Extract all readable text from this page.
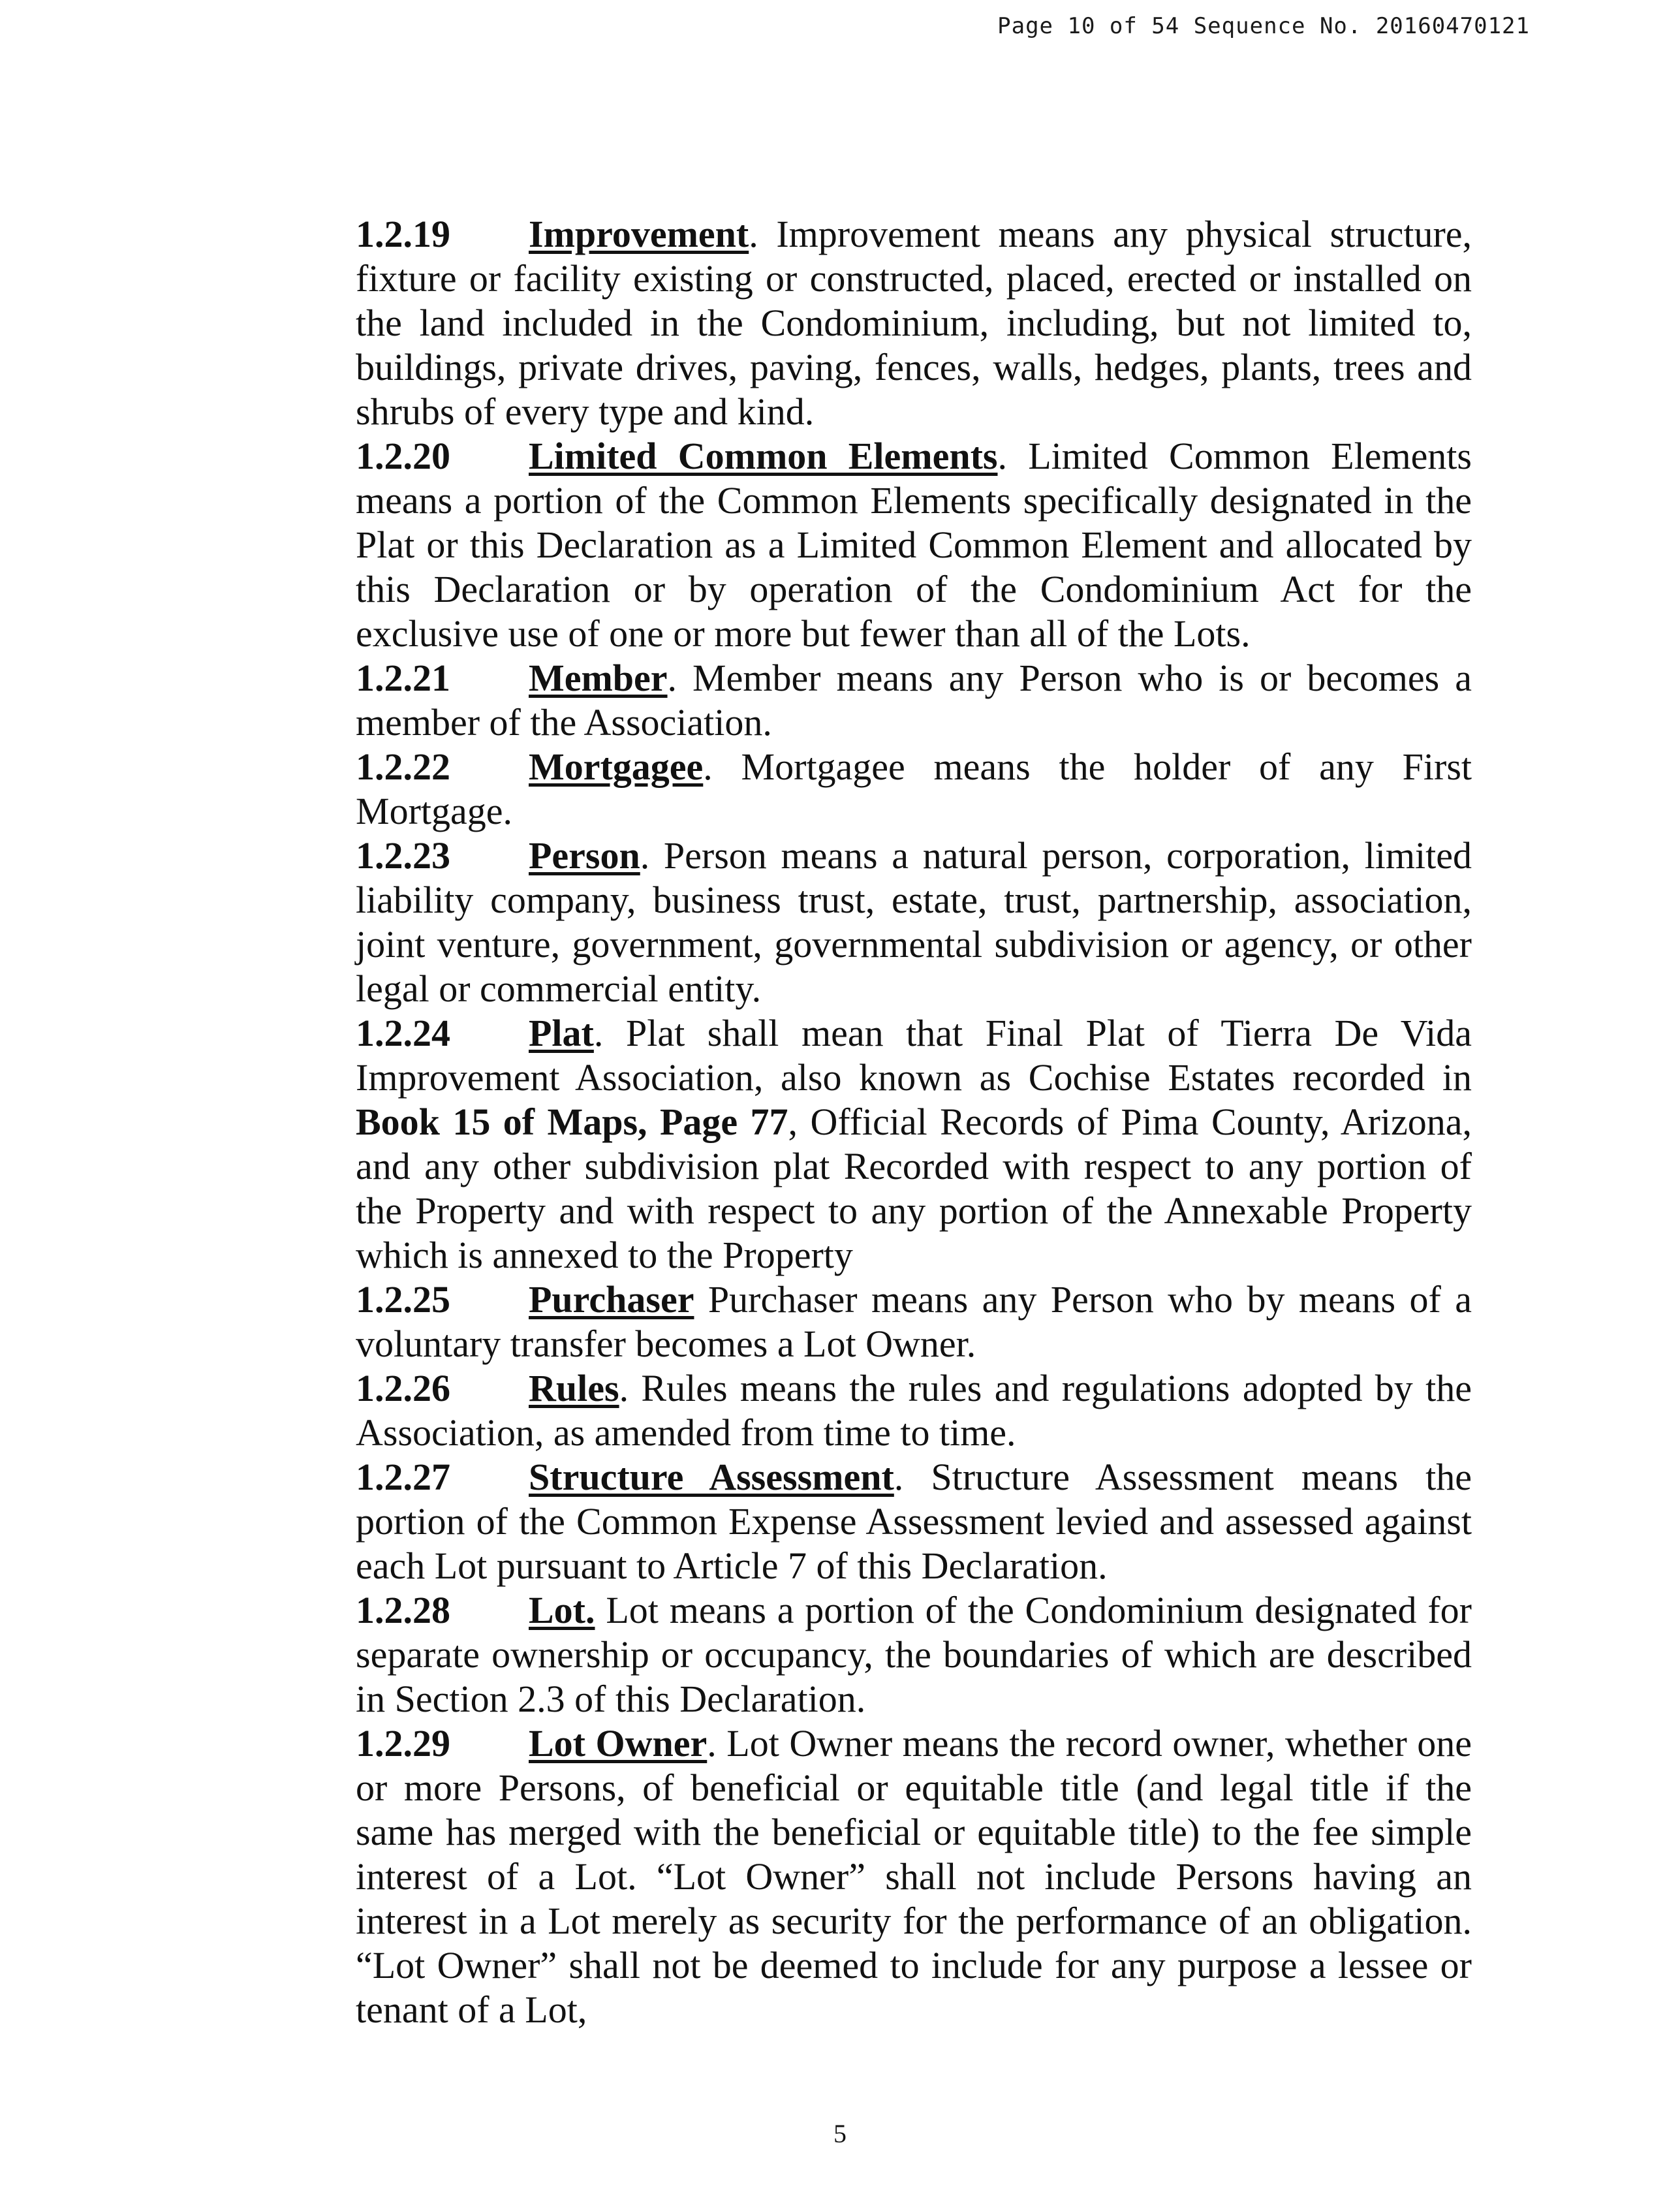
Page 10 of 54 Sequence No. 20160470121

1.2.19 Improvement. Improvement means any physical structure, fixture or facility existing or constructed, placed, erected or installed on the land included in the Condominium, including, but not limited to, buildings, private drives, paving, fences, walls, hedges, plants, trees and shrubs of every type and kind.

1.2.20 Limited Common Elements. Limited Common Elements means a portion of the Common Elements specifically designated in the Plat or this Declaration as a Limited Common Element and allocated by this Declaration or by operation of the Condominium Act for the exclusive use of one or more but fewer than all of the Lots.

1.2.21 Member. Member means any Person who is or becomes a member of the Association.

1.2.22 Mortgagee. Mortgagee means the holder of any First Mortgage.

1.2.23 Person. Person means a natural person, corporation, limited liability company, business trust, estate, trust, partnership, association, joint venture, government, governmental subdivision or agency, or other legal or commercial entity.

1.2.24 Plat. Plat shall mean that Final Plat of Tierra De Vida Improvement Association, also known as Cochise Estates recorded in Book 15 of Maps, Page 77, Official Records of Pima County, Arizona, and any other subdivision plat Recorded with respect to any portion of the Property and with respect to any portion of the Annexable Property which is annexed to the Property

1.2.25 Purchaser Purchaser means any Person who by means of a voluntary transfer becomes a Lot Owner.

1.2.26 Rules. Rules means the rules and regulations adopted by the Association, as amended from time to time.

1.2.27 Structure Assessment. Structure Assessment means the portion of the Common Expense Assessment levied and assessed against each Lot pursuant to Article 7 of this Declaration.

1.2.28 Lot. Lot means a portion of the Condominium designated for separate ownership or occupancy, the boundaries of which are described in Section 2.3 of this Declaration.

1.2.29 Lot Owner. Lot Owner means the record owner, whether one or more Persons, of beneficial or equitable title (and legal title if the same has merged with the beneficial or equitable title) to the fee simple interest of a Lot. “Lot Owner” shall not include Persons having an interest in a Lot merely as security for the performance of an obligation. “Lot Owner” shall not be deemed to include for any purpose a lessee or tenant of a Lot,

5
